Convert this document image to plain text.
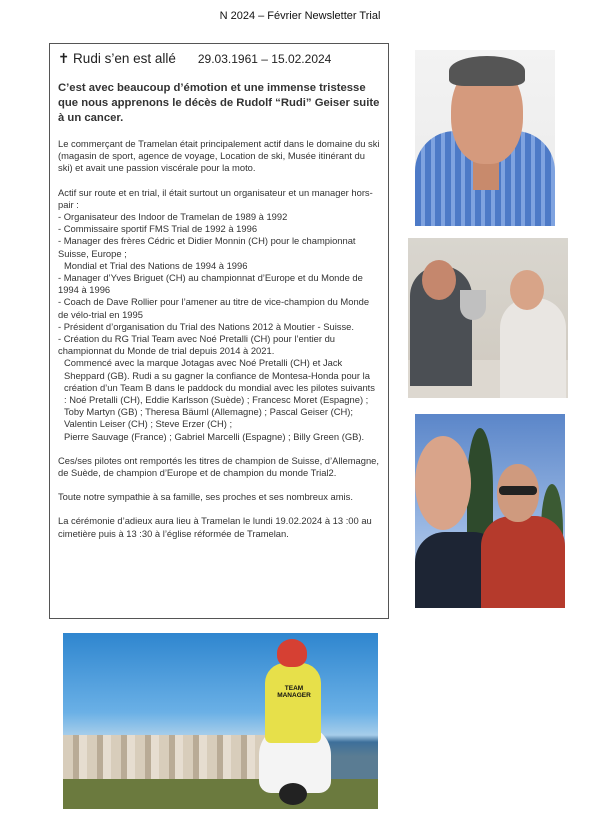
N 2024 – Février Newsletter Trial
✝ Rudi s’en est allé 29.03.1961 – 15.02.2024
C’est avec beaucoup d’émotion et une immense tristesse que nous apprenons le décès de Rudolf “Rudi” Geiser suite à un cancer.
Le commerçant de Tramelan était principalement actif dans le domaine du ski (magasin de sport, agence de voyage, Location de ski, Musée itinérant du ski) et avait une passion viscérale pour la moto.
Actif sur route et en trial, il était surtout un organisateur et un manager hors-pair :
- Organisateur des Indoor de Tramelan de 1989 à 1992
- Commissaire sportif FMS Trial de 1992 à 1996
- Manager des frères Cédric et Didier Monnin (CH) pour le championnat Suisse, Europe ;
Mondial et Trial des Nations de 1994 à 1996
- Manager d’Yves Briguet (CH) au championnat d’Europe et du Monde de 1994 à 1996
- Coach de Dave Rollier pour l’amener au titre de vice-champion du Monde de vélo-trial en 1995
- Président d’organisation du Trial des Nations 2012 à Moutier - Suisse.
- Création du RG Trial Team avec Noé Pretalli (CH) pour l’entier du championnat du Monde de trial depuis 2014 à 2021.
Commencé avec la marque Jotagas avec Noé Pretalli (CH) et Jack Sheppard (GB). Rudi a su gagner la confiance de Montesa-Honda pour la création d’un Team B dans le paddock du mondial avec les pilotes suivants : Noé Pretalli (CH), Eddie Karlsson (Suède) ; Francesc Moret (Espagne) ; Toby Martyn (GB) ; Theresa Bäuml (Allemagne) ; Pascal Geiser (CH); Valentin Leiser (CH) ; Steve Erzer (CH) ;
Pierre Sauvage (France) ; Gabriel Marcelli (Espagne) ; Billy Green (GB).
Ces/ses pilotes ont remportés les titres de champion de Suisse, d’Allemagne, de Suède, de champion d’Europe et de champion du monde Trial2.
Toute notre sympathie à sa famille, ses proches et ses nombreux amis.
La cérémonie d’adieux aura lieu à Tramelan le lundi 19.02.2024 à 13 :00 au cimetière puis à 13 :30 à l’église réformée de Tramelan.
TEAM MANAGER
